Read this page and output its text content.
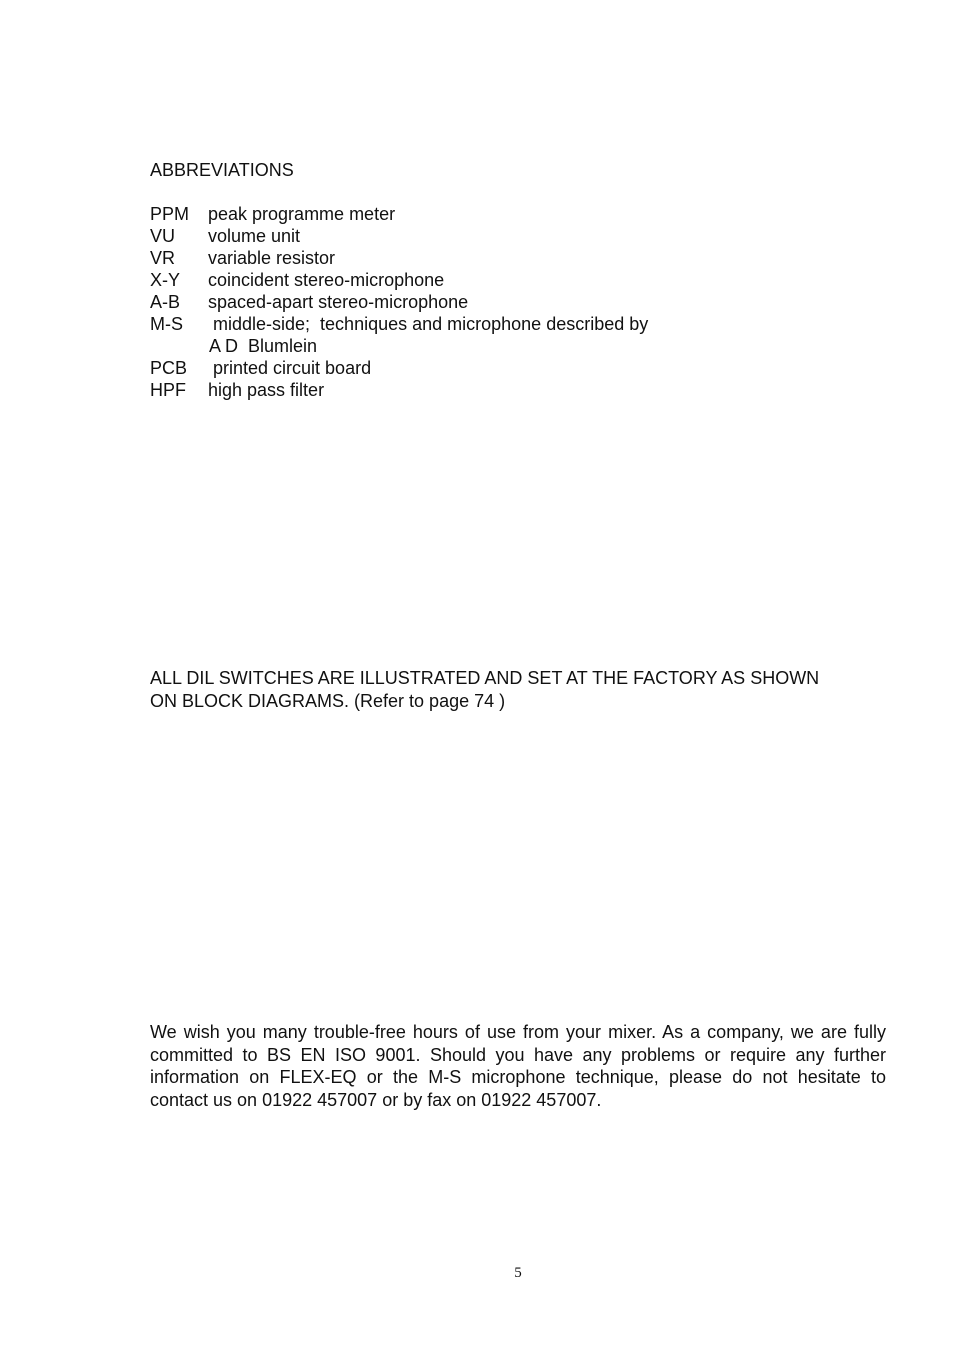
ABBREVIATIONS
PPM peak programme meter
VU volume unit
VR variable resistor
X-Y coincident stereo-microphone
A-B spaced-apart stereo-microphone
M-S middle-side;  techniques and microphone described by
A D  Blumlein
PCB printed circuit board
HPF high pass filter

ALL DIL SWITCHES ARE ILLUSTRATED AND SET AT THE FACTORY AS SHOWN
ON BLOCK DIAGRAMS. (Refer to page 74 )

We wish you many trouble-free hours of use from your mixer. As a company, we are fully committed to BS EN ISO 9001. Should you have any problems or require any further information on FLEX-EQ or the M-S microphone technique, please do not hesitate to contact us on 01922 457007 or by fax on 01922 457007.

5
